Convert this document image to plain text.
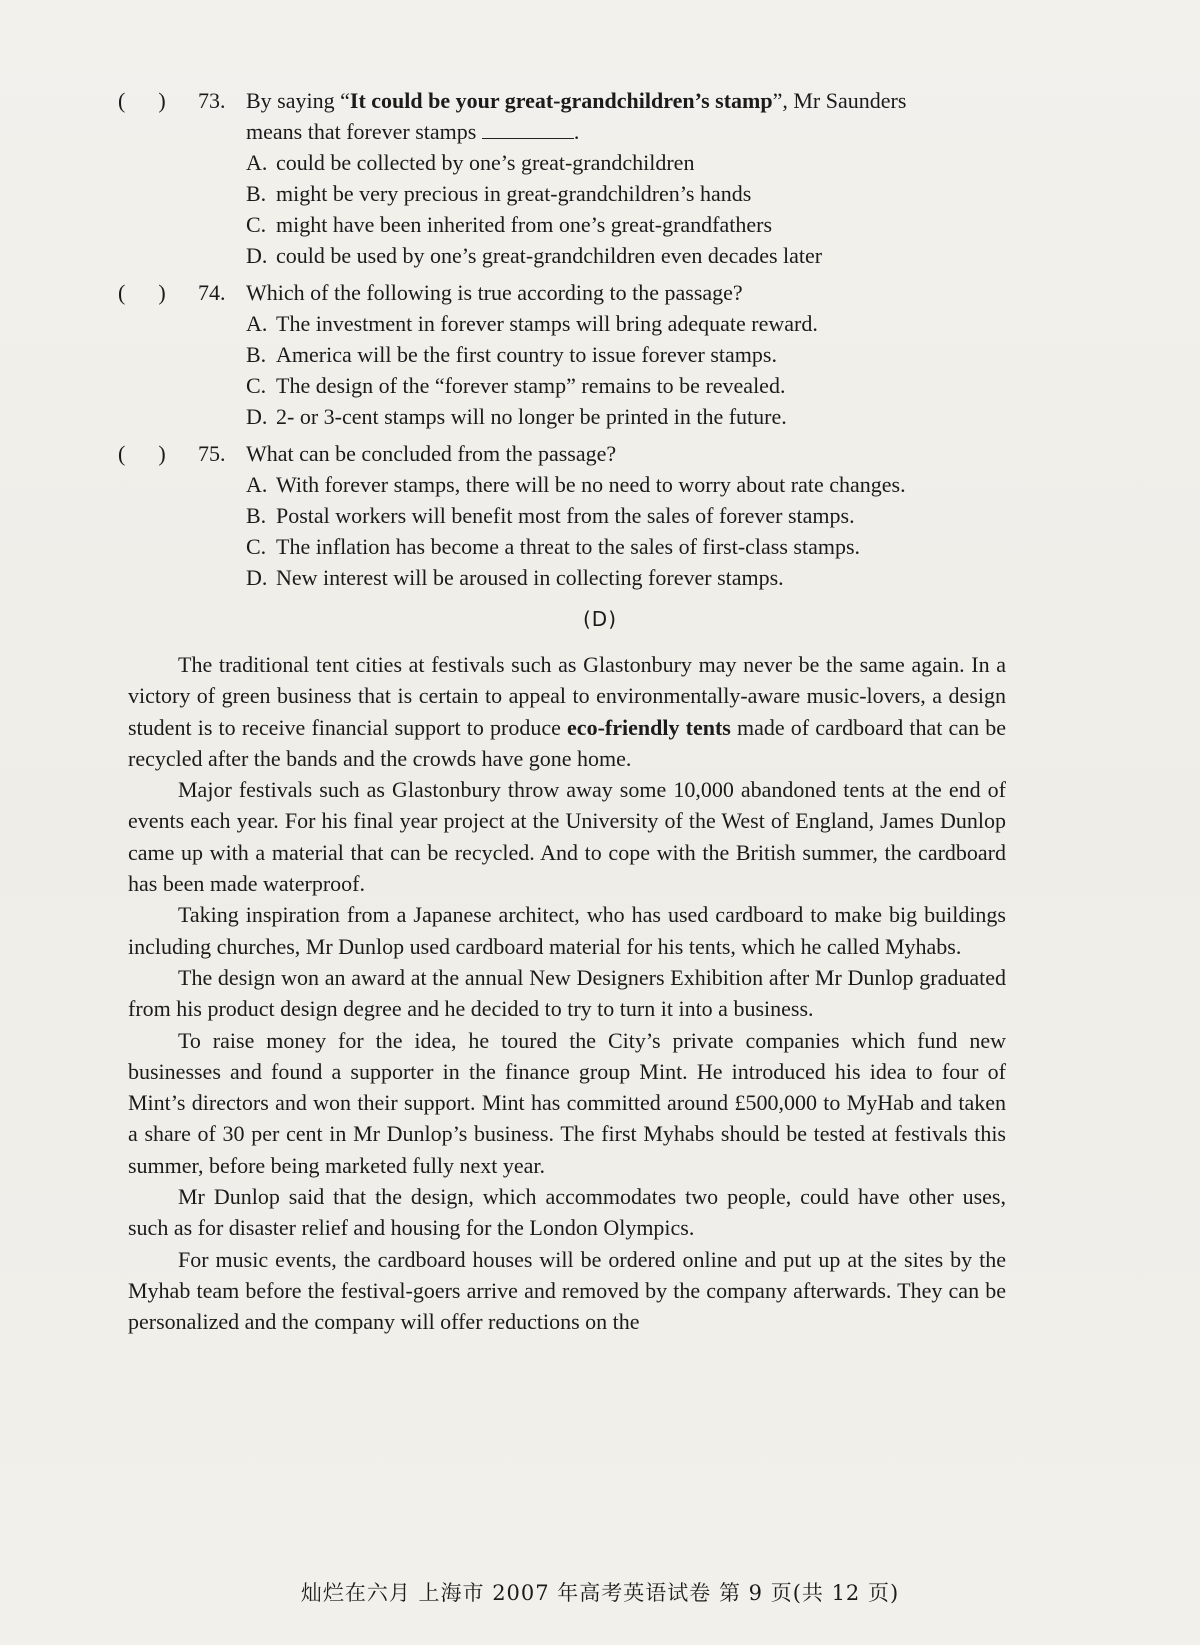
(      )	73. By saying “It could be your great-grandchildren’s stamp”, Mr Saunders
means that forever stamps	.
A. could be collected by one’s great-grandchildren
B. might be very precious in great-grandchildren’s hands
C. might have been inherited from one’s great-grandfathers
D. could be used by one’s great-grandchildren even decades later
(      )	74. Which of the following is true according to the passage?
A. The investment in forever stamps will bring adequate reward.
B. America will be the first country to issue forever stamps.
C. The design of the “forever stamp” remains to be revealed.
D. 2- or 3-cent stamps will no longer be printed in the future.
(      )	75. What can be concluded from the passage?
A. With forever stamps, there will be no need to worry about rate changes.
B. Postal workers will benefit most from the sales of forever stamps.
C. The inflation has become a threat to the sales of first-class stamps.
D. New interest will be aroused in collecting forever stamps.
(D)

The traditional tent cities at festivals such as Glastonbury may never be the same again. In a victory of green business that is certain to appeal to environmentally-aware music-lovers, a design student is to receive financial support to produce eco-friendly tents made of cardboard that can be recycled after the bands and the crowds have gone home.

Major festivals such as Glastonbury throw away some 10,000 abandoned tents at the end of events each year. For his final year project at the University of the West of England, James Dunlop came up with a material that can be recycled. And to cope with the British summer, the cardboard has been made waterproof.

Taking inspiration from a Japanese architect, who has used cardboard to make big buildings including churches, Mr Dunlop used cardboard material for his tents, which he called Myhabs.

The design won an award at the annual New Designers Exhibition after Mr Dunlop graduated from his product design degree and he decided to try to turn it into a business.

To raise money for the idea, he toured the City’s private companies which fund new businesses and found a supporter in the finance group Mint. He introduced his idea to four of Mint’s directors and won their support. Mint has committed around £500,000 to MyHab and taken a share of 30 per cent in Mr Dunlop’s business. The first Myhabs should be tested at festivals this summer, before being marketed fully next year.

Mr Dunlop said that the design, which accommodates two people, could have other uses, such as for disaster relief and housing for the London Olympics.

For music events, the cardboard houses will be ordered online and put up at the sites by the Myhab team before the festival-goers arrive and removed by the company afterwards. They can be personalized and the company will offer reductions on the

灿烂在六月 上海市 2007 年高考英语试卷 第 9 页(共 12 页)
